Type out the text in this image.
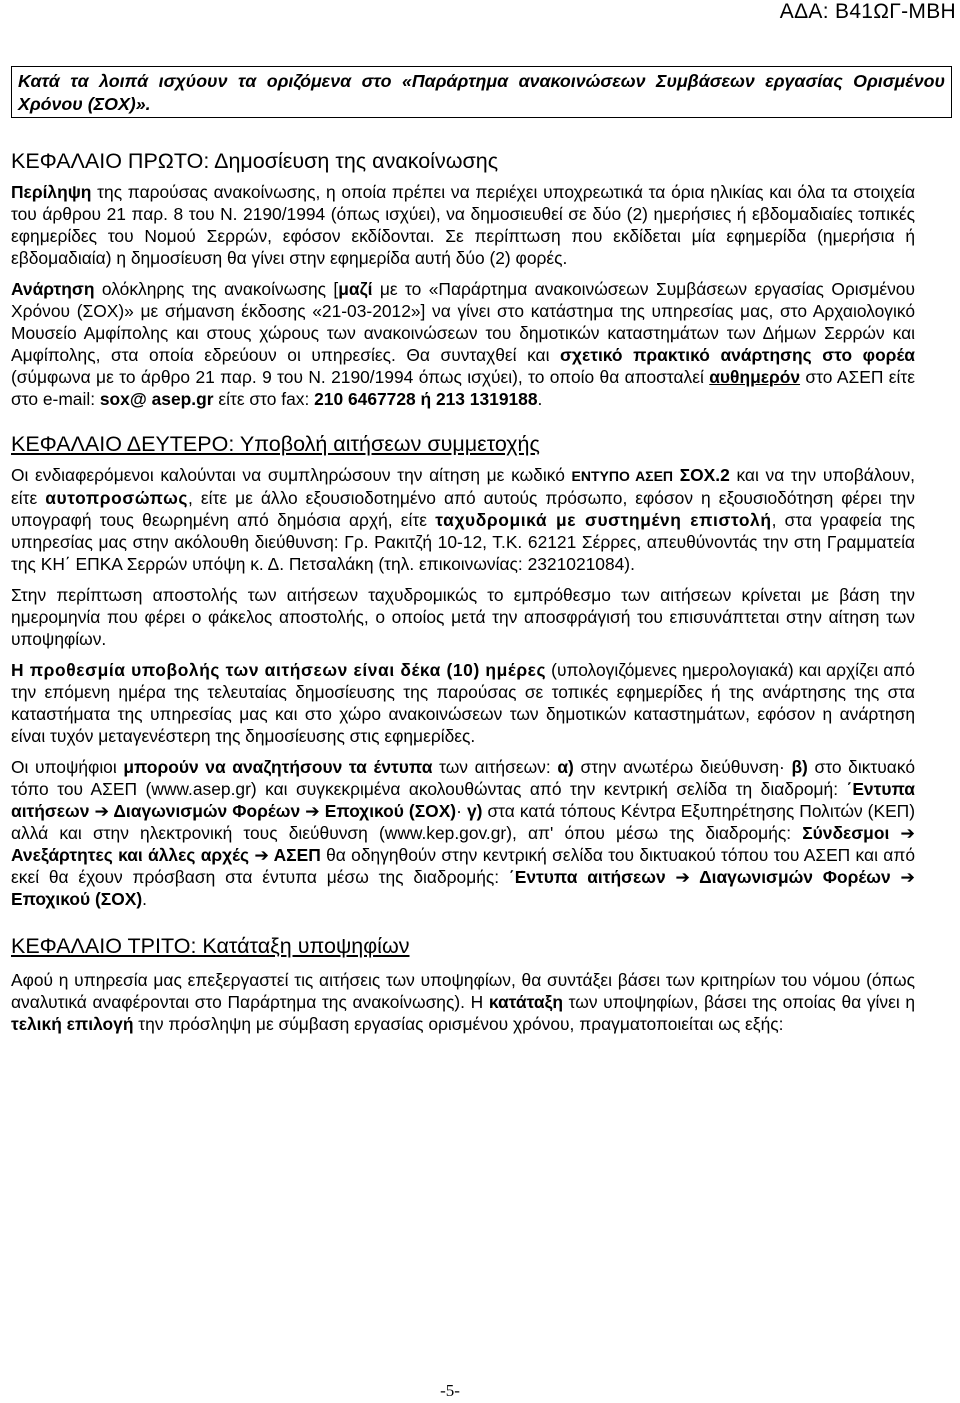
ΑΔΑ: Β41ΩΓ-ΜΒΗ
Κατά τα λοιπά ισχύουν τα οριζόμενα στο «Παράρτημα ανακοινώσεων Συμβάσεων εργασίας Ορισμένου Χρόνου (ΣΟΧ)».
ΚΕΦΑΛΑΙΟ ΠΡΩΤΟ: Δημοσίευση της ανακοίνωσης

Περίληψη της παρούσας ανακοίνωσης, η οποία πρέπει να περιέχει υποχρεωτικά τα όρια ηλικίας και όλα τα στοιχεία του άρθρου 21 παρ. 8 του Ν. 2190/1994 (όπως ισχύει), να δημοσιευθεί σε δύο (2) ημερήσιες ή εβδομαδιαίες τοπικές εφημερίδες του Νομού Σερρών, εφόσον εκδίδονται. Σε περίπτωση που εκδίδεται μία εφημερίδα (ημερήσια ή εβδομαδιαία) η δημοσίευση θα γίνει στην εφημερίδα αυτή δύο (2) φορές.

Ανάρτηση ολόκληρης της ανακοίνωσης [μαζί με το «Παράρτημα ανακοινώσεων Συμβάσεων εργασίας Ορισμένου Χρόνου (ΣΟΧ)» με σήμανση έκδοσης «21-03-2012»] να γίνει στο κατάστημα της υπηρεσίας μας, στο Αρχαιολογικό Μουσείο Αμφίπολης και στους χώρους των ανακοινώσεων του δημοτικών καταστημάτων των Δήμων Σερρών και Αμφίπολης, στα οποία εδρεύουν οι υπηρεσίες. Θα συνταχθεί και σχετικό πρακτικό ανάρτησης στο φορέα (σύμφωνα με το άρθρο 21 παρ. 9 του Ν. 2190/1994 όπως ισχύει), το οποίο θα αποσταλεί αυθημερόν στο ΑΣΕΠ είτε στο e-mail: sox@ asep.gr είτε στο fax: 210 6467728 ή 213 1319188.

ΚΕΦΑΛΑΙΟ ΔΕΥΤΕΡΟ: Υποβολή αιτήσεων συμμετοχής

Οι ενδιαφερόμενοι καλούνται να συμπληρώσουν την αίτηση με κωδικό ΕΝΤΥΠΟ ΑΣΕΠ ΣΟΧ.2 και να την υποβάλουν, είτε αυτοπροσώπως, είτε με άλλο εξουσιοδοτημένο από αυτούς πρόσωπο, εφόσον η εξουσιοδότηση φέρει την υπογραφή τους θεωρημένη από δημόσια αρχή, είτε ταχυδρομικά με συστημένη επιστολή, στα γραφεία της υπηρεσίας μας στην ακόλουθη διεύθυνση: Γρ. Ρακιτζή 10-12, Τ.Κ. 62121 Σέρρες, απευθύνοντάς την στη Γραμματεία της ΚΗ΄ ΕΠΚΑ Σερρών υπόψη κ. Δ. Πετσαλάκη (τηλ. επικοινωνίας: 2321021084).

Στην περίπτωση αποστολής των αιτήσεων ταχυδρομικώς το εμπρόθεσμο των αιτήσεων κρίνεται με βάση την ημερομηνία που φέρει ο φάκελος αποστολής, ο οποίος μετά την αποσφράγισή του επισυνάπτεται στην αίτηση των υποψηφίων.

Η προθεσμία υποβολής των αιτήσεων είναι δέκα (10) ημέρες (υπολογιζόμενες ημερολογιακά) και αρχίζει από την επόμενη ημέρα της τελευταίας δημοσίευσης της παρούσας σε τοπικές εφημερίδες ή της ανάρτησης της στα καταστήματα της υπηρεσίας μας και στο χώρο ανακοινώσεων των δημοτικών καταστημάτων, εφόσον η ανάρτηση είναι τυχόν μεταγενέστερη της δημοσίευσης στις εφημερίδες.

Οι υποψήφιοι μπορούν να αναζητήσουν τα έντυπα των αιτήσεων: α) στην ανωτέρω διεύθυνση· β) στο δικτυακό τόπο του ΑΣΕΠ (www.asep.gr) και συγκεκριμένα ακολουθώντας από την κεντρική σελίδα τη διαδρομή: ΄Εντυπα αιτήσεων ➔ Διαγωνισμών Φορέων ➔ Εποχικού (ΣΟΧ)· γ) στα κατά τόπους Κέντρα Εξυπηρέτησης Πολιτών (ΚΕΠ) αλλά και στην ηλεκτρονική τους διεύθυνση (www.kep.gov.gr), απ' όπου μέσω της διαδρομής: Σύνδεσμοι ➔ Ανεξάρτητες και άλλες αρχές ➔ ΑΣΕΠ θα οδηγηθούν στην κεντρική σελίδα του δικτυακού τόπου του ΑΣΕΠ και από εκεί θα έχουν πρόσβαση στα έντυπα μέσω της διαδρομής: ΄Εντυπα αιτήσεων ➔ Διαγωνισμών Φορέων ➔ Εποχικού (ΣΟΧ).

ΚΕΦΑΛΑΙΟ ΤΡΙΤΟ: Κατάταξη υποψηφίων

Αφού η υπηρεσία μας επεξεργαστεί τις αιτήσεις των υποψηφίων, θα συντάξει βάσει των κριτηρίων του νόμου (όπως αναλυτικά αναφέρονται στο Παράρτημα της ανακοίνωσης). Η κατάταξη των υποψηφίων, βάσει της οποίας θα γίνει η τελική επιλογή την πρόσληψη με σύμβαση εργασίας ορισμένου χρόνου, πραγματοποιείται ως εξής:

-5-
